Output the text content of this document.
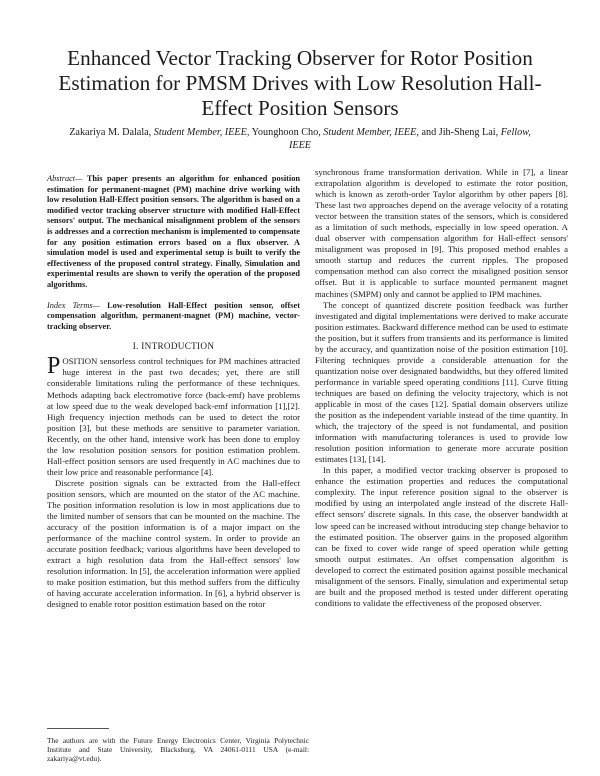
Enhanced Vector Tracking Observer for Rotor Position Estimation for PMSM Drives with Low Resolution Hall-Effect Position Sensors
Zakariya M. Dalala, Student Member, IEEE, Younghoon Cho, Student Member, IEEE, and Jih-Sheng Lai, Fellow, IEEE

Abstract— This paper presents an algorithm for enhanced position estimation for permanent-magnet (PM) machine drive working with low resolution Hall-Effect position sensors. The algorithm is based on a modified vector tracking observer structure with modified Hall-Effect sensors' output. The mechanical misalignment problem of the sensors is addresses and a correction mechanism is implemented to compensate for any position estimation errors based on a flux observer. A simulation model is used and experimental setup is built to verify the effectiveness of the proposed control strategy. Finally, Simulation and experimental results are shown to verify the operation of the proposed algorithms.

Index Terms— Low-resolution Hall-Effect position sensor, offset compensation algorithm, permanent-magnet (PM) machine, vector-tracking observer.

I. INTRODUCTION

POSITION sensorless control techniques for PM machines attracted huge interest in the past two decades; yet, there are still considerable limitations ruling the performance of these techniques. Methods adapting back electromotive force (back-emf) have problems at low speed due to the weak developed back-emf information [1],[2]. High frequency injection methods can be used to detect the rotor position [3], but these methods are sensitive to parameter variation. Recently, on the other hand, intensive work has been done to employ the low resolution position sensors for position estimation problem. Hall-effect position sensors are used frequently in AC machines due to their low price and reasonable performance [4].

Discrete position signals can be extracted from the Hall-effect position sensors, which are mounted on the stator of the AC machine. The position information resolution is low in most applications due to the limited number of sensors that can be mounted on the machine. The accuracy of the position information is of a major impact on the performance of the machine control system. In order to provide an accurate position feedback; various algorithms have been developed to extract a high resolution data from the Hall-effect sensors' low resolution information. In [5], the acceleration information were applied to make position estimation, but this method suffers from the difficulty of having accurate acceleration information. In [6], a hybrid observer is designed to enable rotor position estimation based on the rotor

synchronous frame transformation derivation. While in [7], a linear extrapolation algorithm is developed to estimate the rotor position, which is known as zeroth-order Taylor algorithm by other papers [8]. These last two approaches depend on the average velocity of a rotating vector between the transition states of the sensors, which is considered as a limitation of such methods, especially in low speed operation. A dual observer with compensation algorithm for Hall-effect sensors' misalignment was proposed in [9]. This proposed method enables a smooth startup and reduces the current ripples. The proposed compensation method can also correct the misaligned position sensor offset. But it is applicable to surface mounted permanent magnet machines (SMPM) only and cannot be applied to IPM machines.

The concept of quantized discrete position feedback was further investigated and digital implementations were derived to make accurate position estimates. Backward difference method can be used to estimate the position, but it suffers from transients and its performance is limited by the accuracy, and quantization noise of the position estimation [10]. Filtering techniques provide a considerable attenuation for the quantization noise over designated bandwidths, but they offered limited performance in variable speed operating conditions [11]. Curve fitting techniques are based on defining the velocity trajectory, which is not applicable in most of the cases [12]. Spatial domain observers utilize the position as the independent variable instead of the time quantity. In which, the trajectory of the speed is not fundamental, and position information with manufacturing tolerances is used to provide low resolution position information to generate more accurate position estimates [13], [14].

In this paper, a modified vector tracking observer is proposed to enhance the estimation properties and reduces the computational complexity. The input reference position signal to the observer is modified by using an interpolated angle instead of the discrete Hall-effect sensors' discrete signals. In this case, the observer bandwidth at low speed can be increased without introducing step change behavior to the estimated position. The observer gains in the proposed algorithm can be fixed to cover wide range of speed operation while getting smooth output estimates. An offset compensation algorithm is developed to correct the estimated position against possible mechanical misalignment of the sensors. Finally, simulation and experimental setup are built and the proposed method is tested under different operating conditions to validate the effectiveness of the proposed observer.

The authors are with the Future Energy Electronics Center, Virginia Polytechnic Institute and State University, Blacksburg, VA 24061-0111 USA (e-mail: zakariya@vt.edu).
